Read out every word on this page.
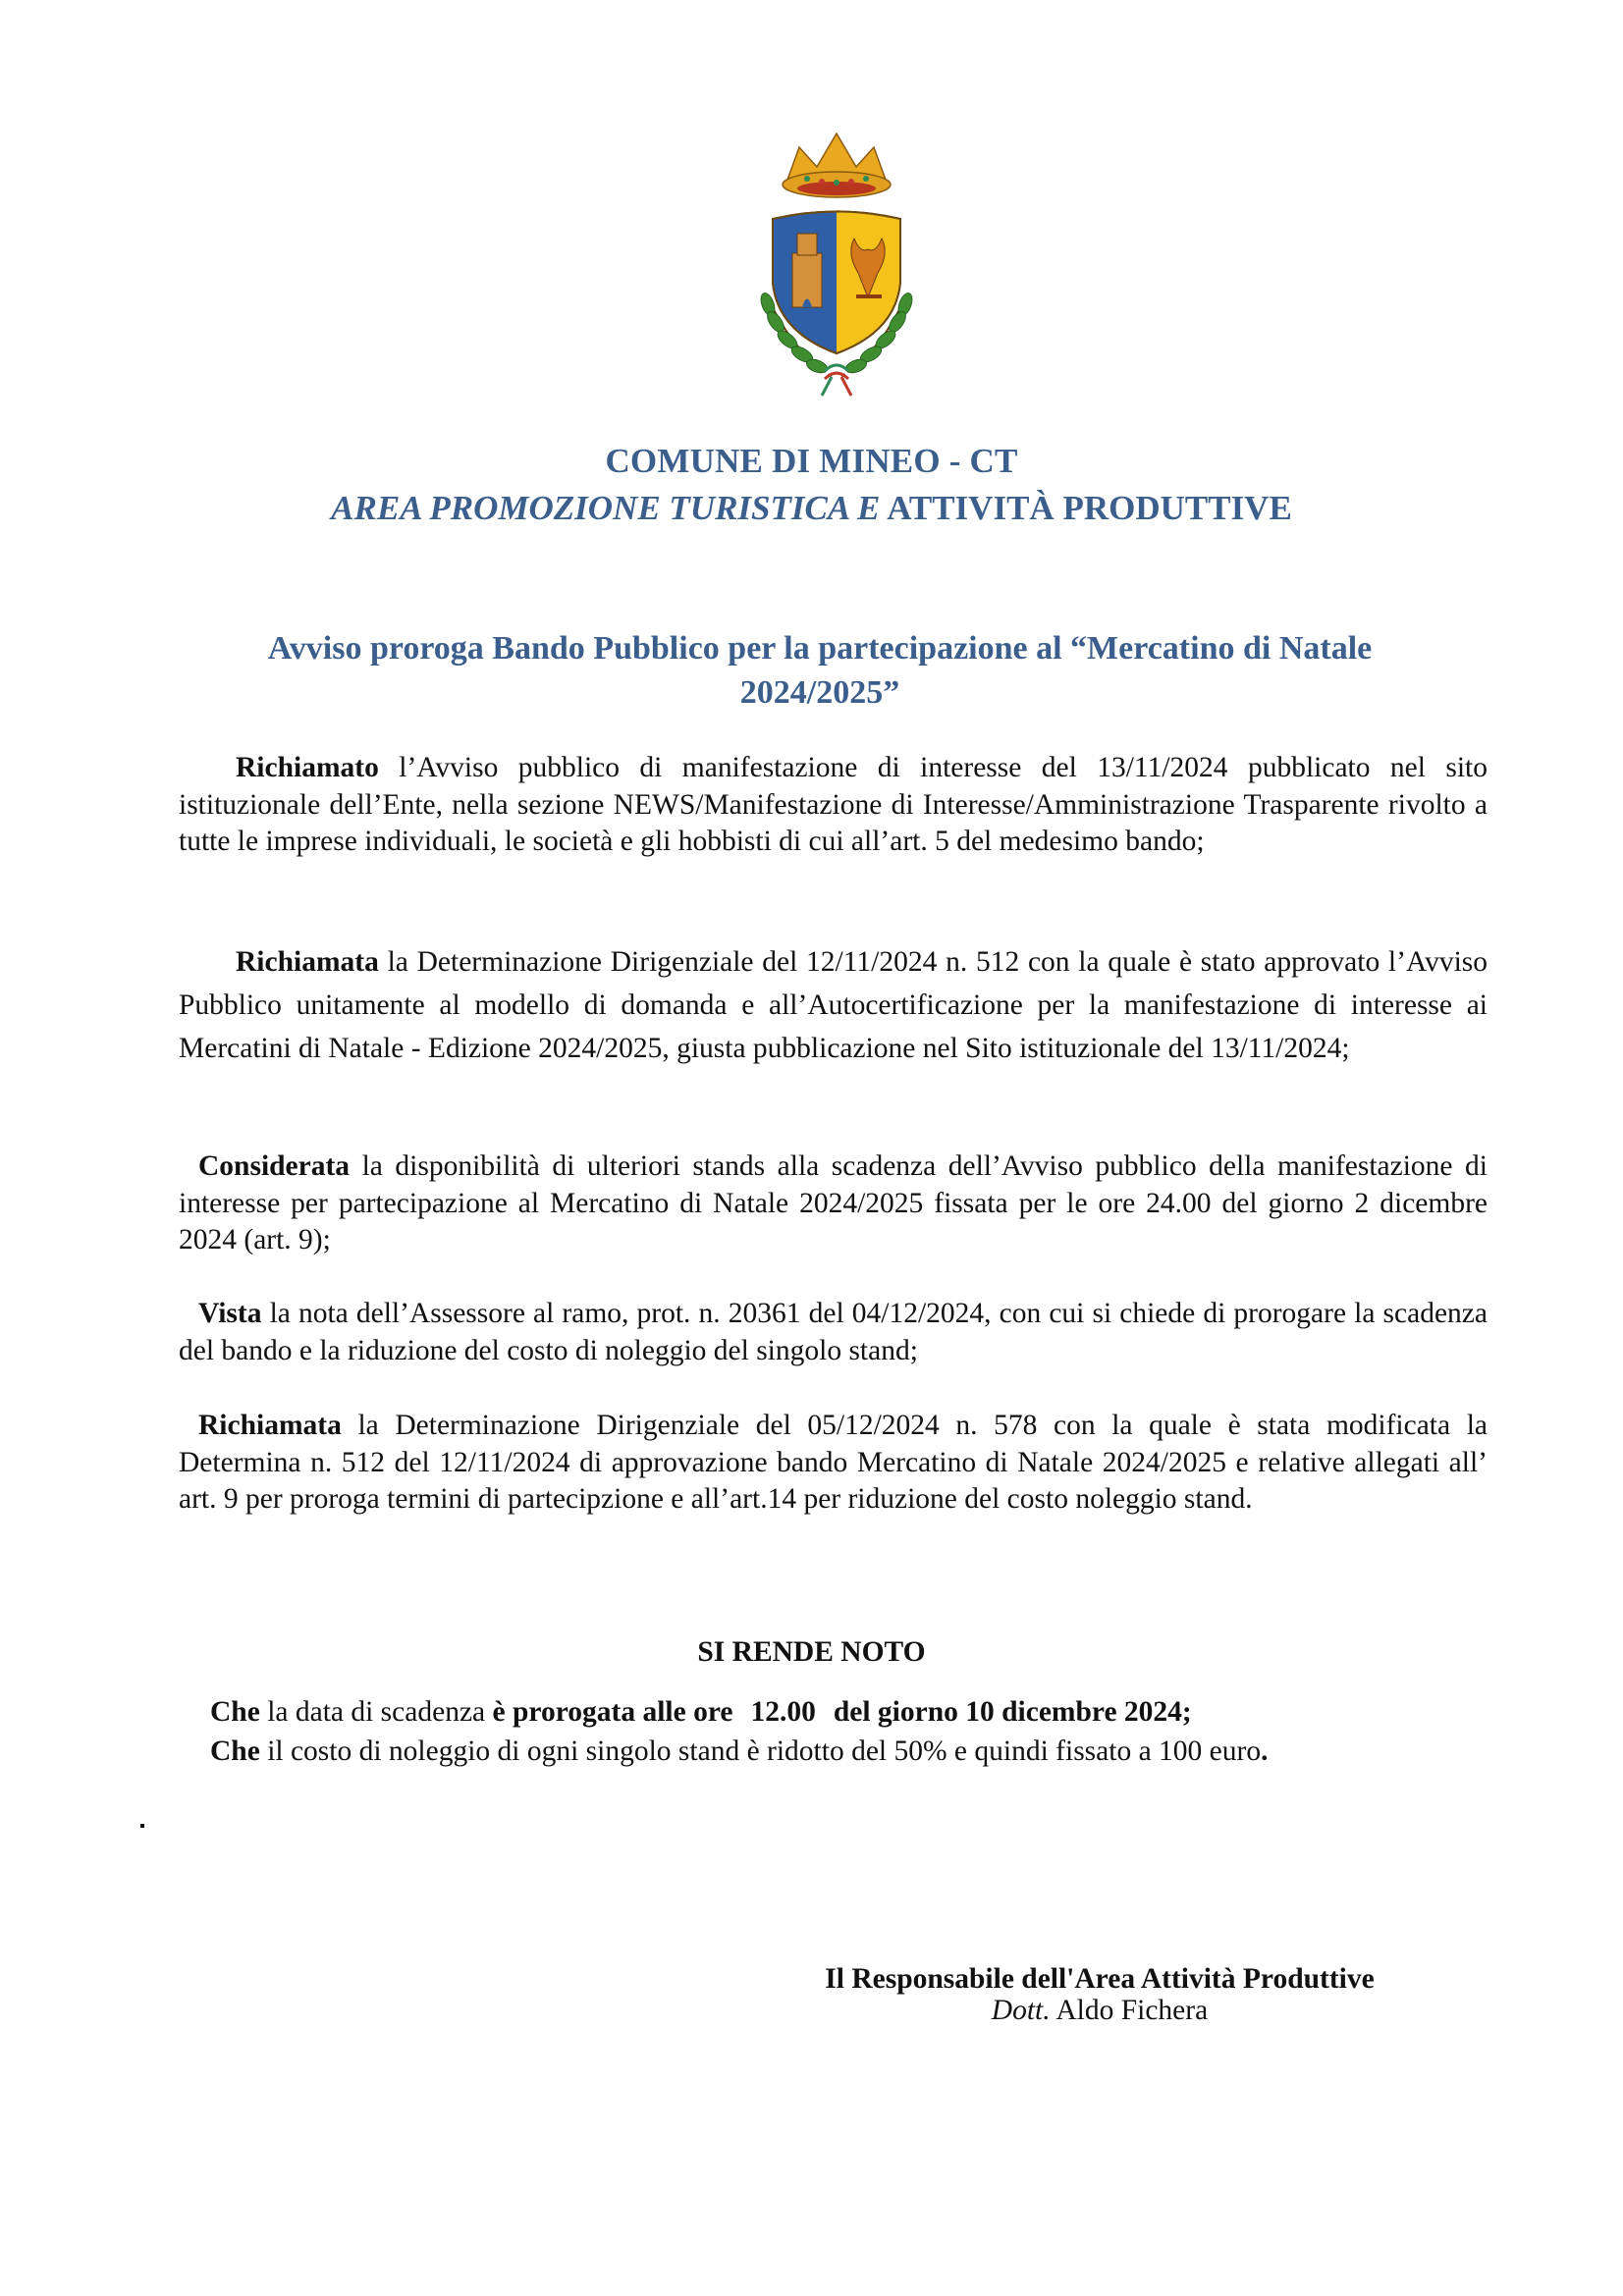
COMUNE DI MINEO - CT
AREA PROMOZIONE TURISTICA E ATTIVITÀ PRODUTTIVE
Avviso proroga Bando Pubblico per la partecipazione al “Mercatino di Natale
2024/2025”
Richiamato l’Avviso pubblico di manifestazione di interesse del 13/11/2024 pubblicato nel sito istituzionale dell’Ente, nella sezione NEWS/Manifestazione di Interesse/Amministrazione Trasparente rivolto a tutte le imprese individuali, le società e gli hobbisti di cui all’art. 5 del medesimo bando;
Richiamata la Determinazione Dirigenziale del 12/11/2024 n. 512 con la quale è stato approvato l’Avviso Pubblico unitamente al modello di domanda e all’Autocertificazione per la manifestazione di interesse ai Mercatini di Natale - Edizione 2024/2025, giusta pubblicazione nel Sito istituzionale del 13/11/2024;
Considerata la disponibilità di ulteriori stands alla scadenza dell’Avviso pubblico della manifestazione di interesse per partecipazione al Mercatino di Natale 2024/2025 fissata per le ore 24.00 del giorno 2 dicembre 2024 (art. 9);
Vista la nota dell’Assessore al ramo, prot. n. 20361 del 04/12/2024, con cui si chiede di prorogare la scadenza del bando e la riduzione del costo di noleggio del singolo stand;
Richiamata la Determinazione Dirigenziale del 05/12/2024 n. 578 con la quale è stata modificata la Determina n. 512 del 12/11/2024 di approvazione bando Mercatino di Natale 2024/2025 e relative allegati all’ art. 9 per proroga termini di partecipzione e all’art.14 per riduzione del costo noleggio stand.
SI RENDE NOTO
Che la data di scadenza è prorogata alle ore 12.00 del giorno 10 dicembre 2024;
Che il costo di noleggio di ogni singolo stand è ridotto del 50% e quindi fissato a 100 euro.
Il Responsabile dell'Area Attività Produttive
Dott. Aldo Fichera
